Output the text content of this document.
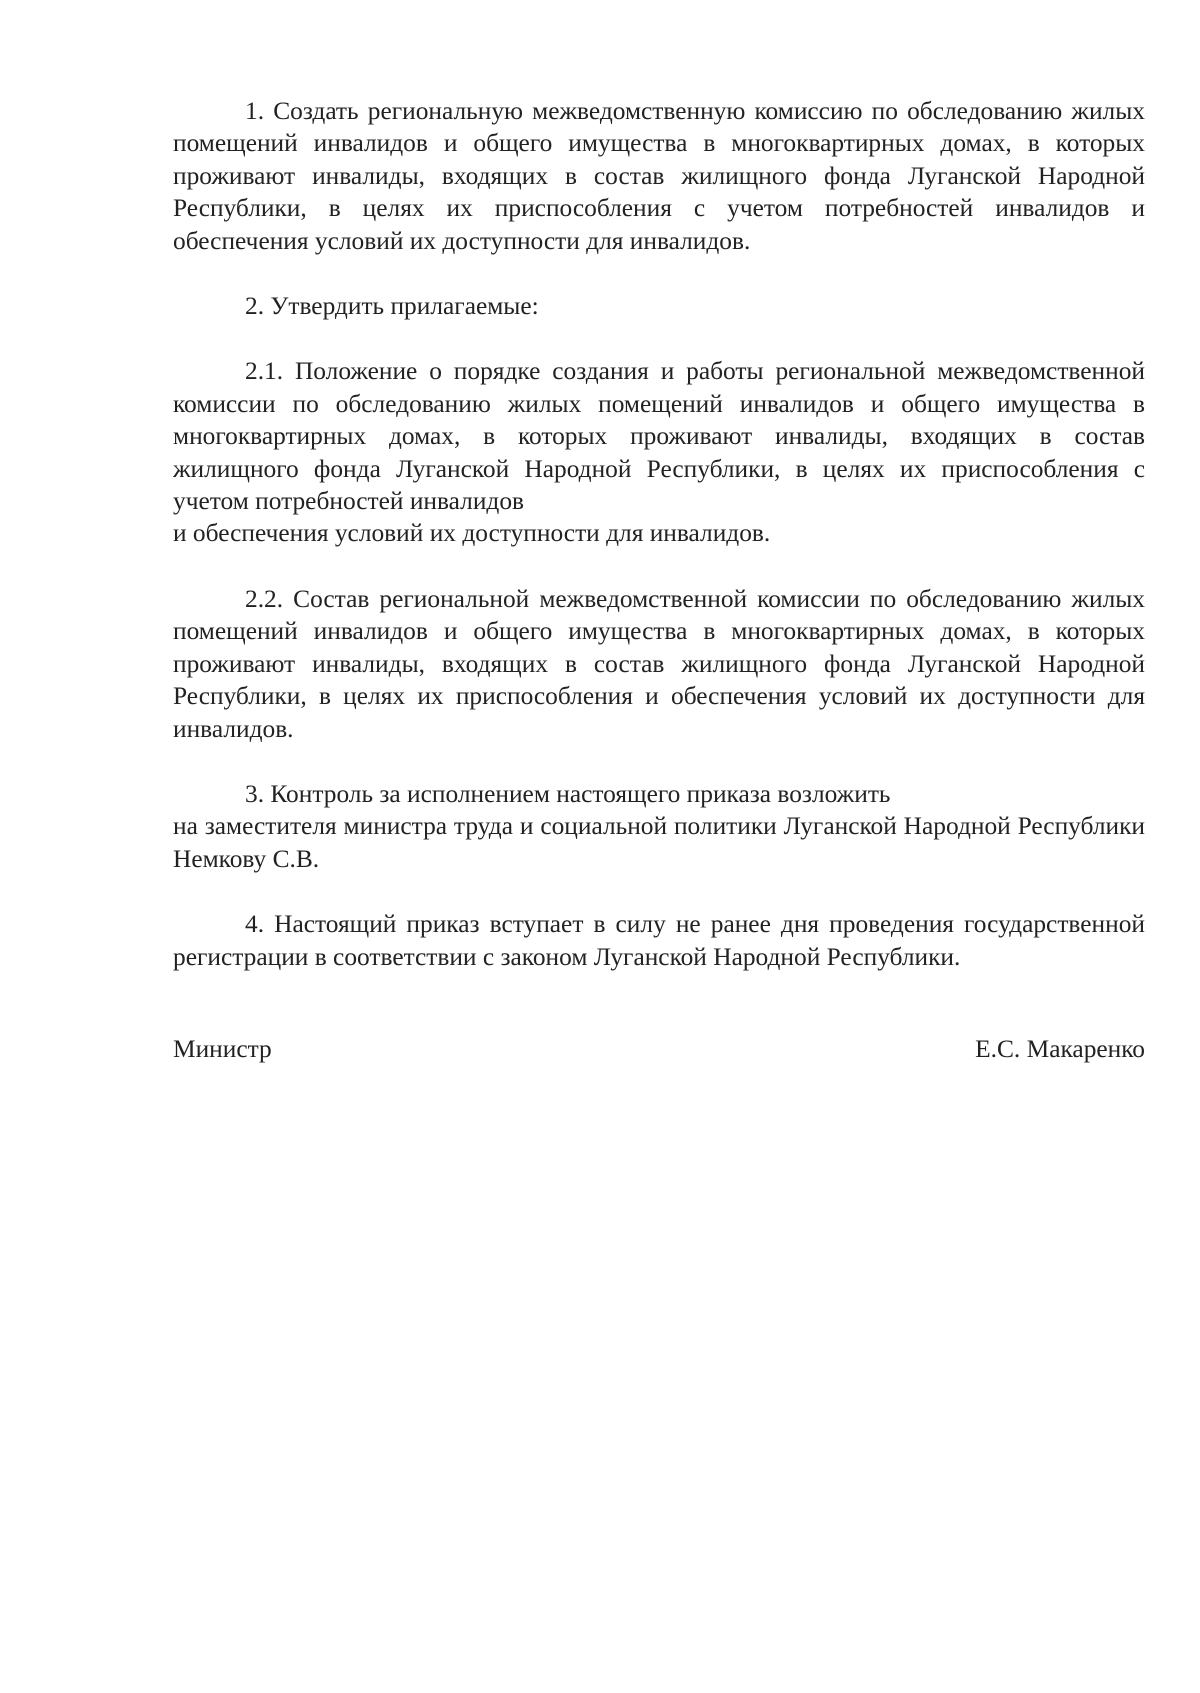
1. Создать региональную межведомственную комиссию по обследованию жилых помещений инвалидов и общего имущества в многоквартирных домах, в которых проживают инвалиды, входящих в состав жилищного фонда Луганской Народной Республики, в целях их приспособления с учетом потребностей инвалидов и обеспечения условий их доступности для инвалидов.

2. Утвердить прилагаемые:

2.1. Положение о порядке создания и работы региональной межведомственной комиссии по обследованию жилых помещений инвалидов и общего имущества в многоквартирных домах, в которых проживают инвалиды, входящих в состав жилищного фонда Луганской Народной Республики, в целях их приспособления с учетом потребностей инвалидов
и обеспечения условий их доступности для инвалидов.

2.2. Состав региональной межведомственной комиссии по обследованию жилых помещений инвалидов и общего имущества в многоквартирных домах, в которых проживают инвалиды, входящих в состав жилищного фонда Луганской Народной Республики, в целях их приспособления и обеспечения условий их доступности для инвалидов.

3. Контроль за исполнением настоящего приказа возложить
на заместителя министра труда и социальной политики Луганской Народной Республики Немкову С.В.

4. Настоящий приказ вступает в силу не ранее дня проведения государственной регистрации в соответствии с законом Луганской Народной Республики.

Министр	Е.С. Макаренко
